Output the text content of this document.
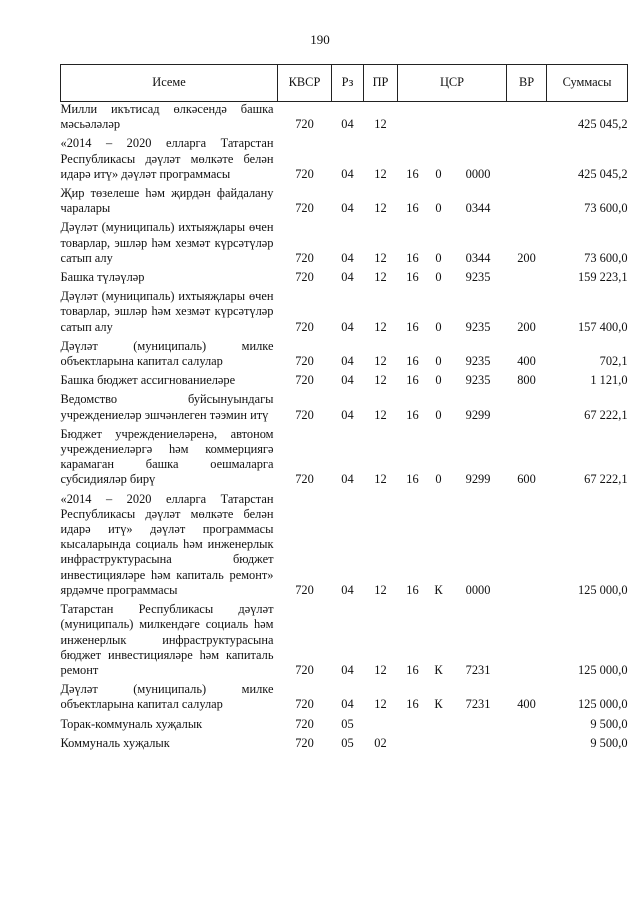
190
Исеме	КВСР	Рз	ПР	ЦСР			ВР	Суммасы
Милли икътисад өлкәсендә башка мәсьәләләр	720	04	12					425 045,2
«2014 – 2020 елларга Татарстан Республикасы дәүләт мөлкәте белән идарә итү» дәүләт программасы	720	04	12	16	0	0000		425 045,2
Җир төзелеше һәм җирдән файдалану чаралары	720	04	12	16	0	0344		73 600,0
Дәүләт (муниципаль) ихтыяҗлары өчен товарлар, эшләр һәм хезмәт күрсәтүләр сатып алу	720	04	12	16	0	0344	200	73 600,0
Башка түләүләр	720	04	12	16	0	9235		159 223,1
Дәүләт (муниципаль) ихтыяҗлары өчен товарлар, эшләр һәм хезмәт күрсәтүләр сатып алу	720	04	12	16	0	9235	200	157 400,0
Дәүләт (муниципаль) милке объектларына капитал салулар	720	04	12	16	0	9235	400	702,1
Башка бюджет ассигнованиеләре	720	04	12	16	0	9235	800	1 121,0
Ведомство буйсынуындагы учреждениеләр эшчәнлеген тәэмин итү	720	04	12	16	0	9299		67 222,1
Бюджет учреждениеләренә, автоном учреждениеләргә һәм коммерциягә карамаган башка оешмаларга субсидияләр бирү	720	04	12	16	0	9299	600	67 222,1
«2014 – 2020 елларга Татарстан Республикасы дәүләт мөлкәте белән идарә итү» дәүләт программасы кысаларында социаль һәм инженерлык инфраструктурасына бюджет инвестицияләре һәм капиталь ремонт» ярдәмче программасы	720	04	12	16	К	0000		125 000,0
Татарстан Республикасы дәүләт (муниципаль) милкендәге социаль һәм инженерлык инфраструктурасына бюджет инвестицияләре һәм капиталь ремонт	720	04	12	16	К	7231		125 000,0
Дәүләт (муниципаль) милке объектларына капитал салулар	720	04	12	16	К	7231	400	125 000,0
Торак-коммуналь хуҗалык	720	05						9 500,0
Коммуналь хуҗалык	720	05	02					9 500,0
